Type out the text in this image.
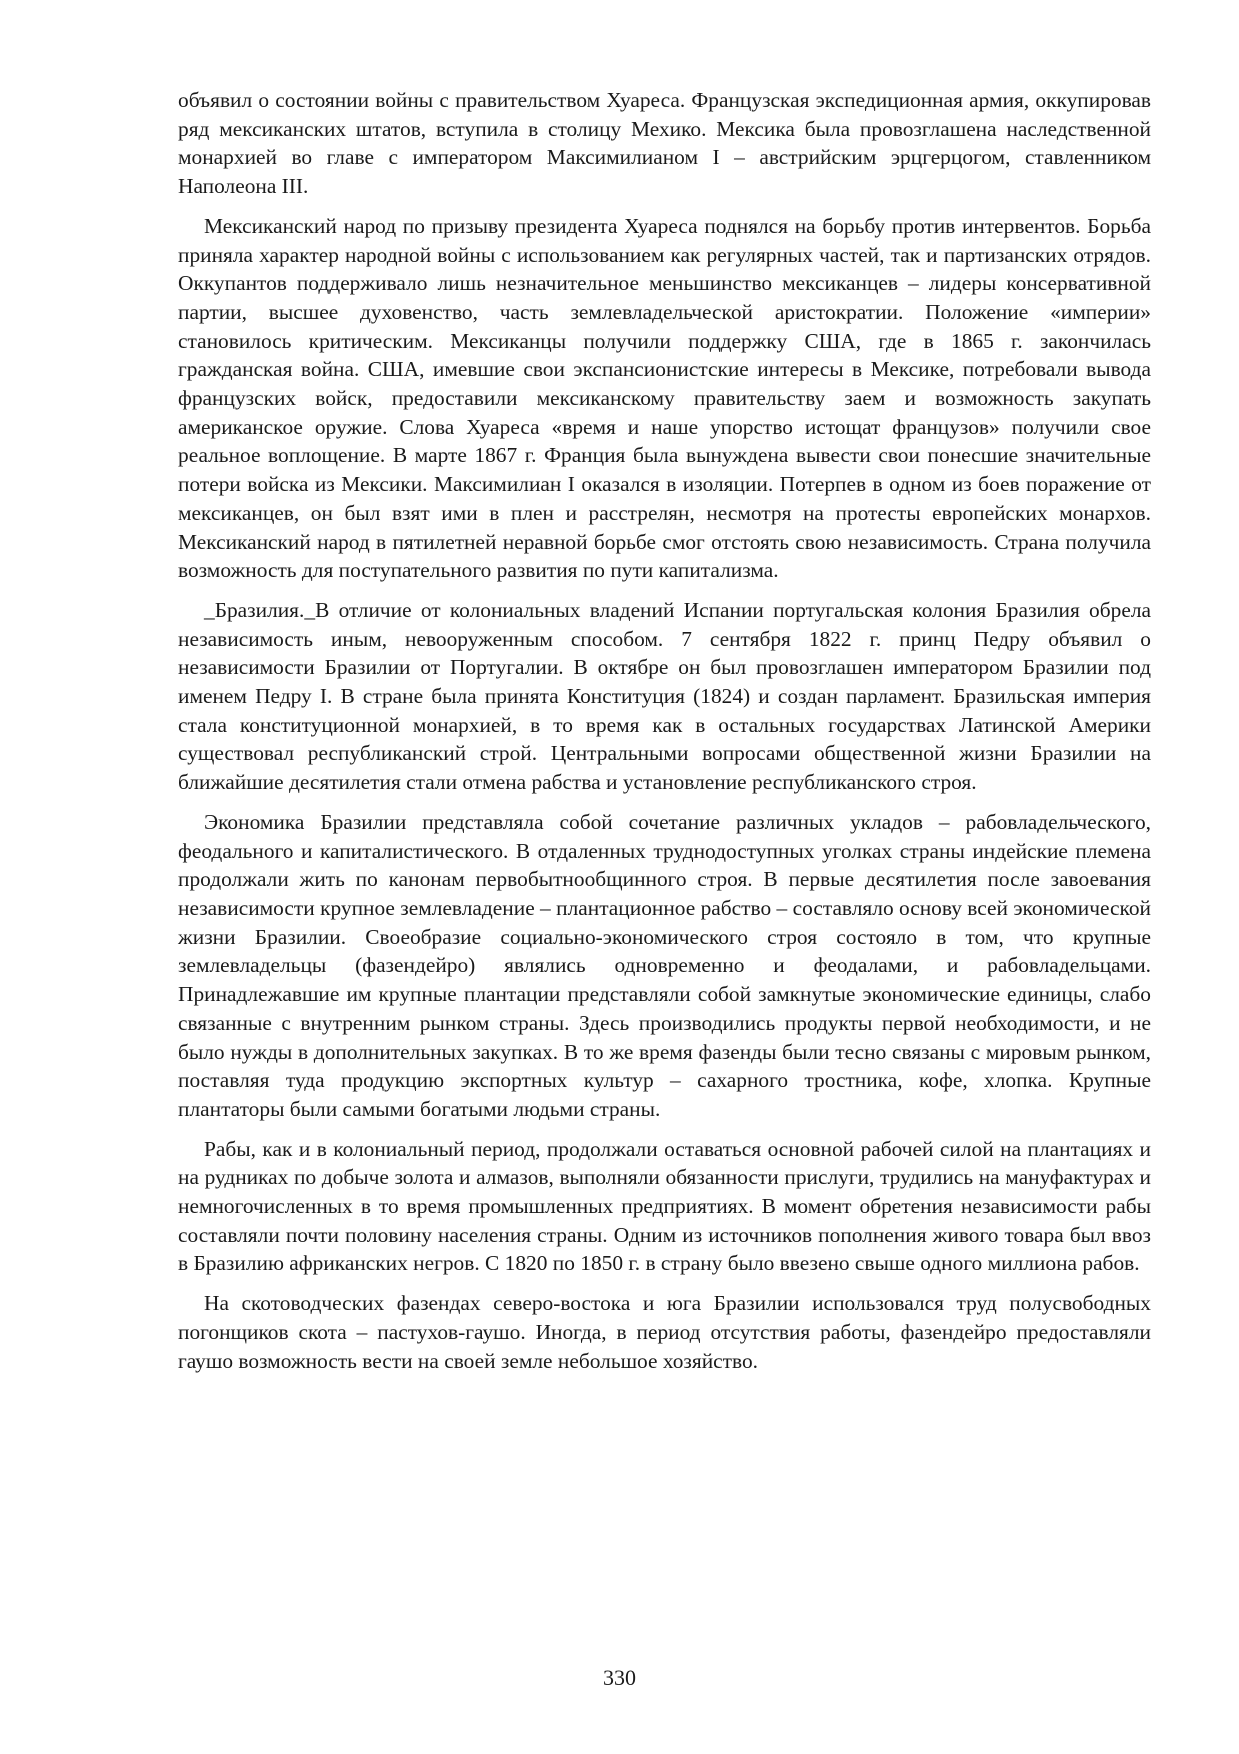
объявил о состоянии войны с правительством Хуареса. Французская экспедиционная армия, оккупировав ряд мексиканских штатов, вступила в столицу Мехико. Мексика была провозглашена наследственной монархией во главе с императором Максимилианом I – австрийским эрцгерцогом, ставленником Наполеона III.

Мексиканский народ по призыву президента Хуареса поднялся на борьбу против интервентов. Борьба приняла характер народной войны с использованием как регулярных частей, так и партизанских отрядов. Оккупантов поддерживало лишь незначительное меньшинство мексиканцев – лидеры консервативной партии, высшее духовенство, часть землевладельческой аристократии. Положение «империи» становилось критическим. Мексиканцы получили поддержку США, где в 1865 г. закончилась гражданская война. США, имевшие свои экспансионистские интересы в Мексике, потребовали вывода французских войск, предоставили мексиканскому правительству заем и возможность закупать американское оружие. Слова Хуареса «время и наше упорство истощат французов» получили свое реальное воплощение. В марте 1867 г. Франция была вынуждена вывести свои понесшие значительные потери войска из Мексики. Максимилиан I оказался в изоляции. Потерпев в одном из боев поражение от мексиканцев, он был взят ими в плен и расстрелян, несмотря на протесты европейских монархов. Мексиканский народ в пятилетней неравной борьбе смог отстоять свою независимость. Страна получила возможность для поступательного развития по пути капитализма.

_Бразилия._В отличие от колониальных владений Испании португальская колония Бразилия обрела независимость иным, невооруженным способом. 7 сентября 1822 г. принц Педру объявил о независимости Бразилии от Португалии. В октябре он был провозглашен императором Бразилии под именем Педру I. В стране была принята Конституция (1824) и создан парламент. Бразильская империя стала конституционной монархией, в то время как в остальных государствах Латинской Америки существовал республиканский строй. Центральными вопросами общественной жизни Бразилии на ближайшие десятилетия стали отмена рабства и установление республиканского строя.

Экономика Бразилии представляла собой сочетание различных укладов – рабовладельческого, феодального и капиталистического. В отдаленных труднодоступных уголках страны индейские племена продолжали жить по канонам первобытнообщинного строя. В первые десятилетия после завоевания независимости крупное землевладение – плантационное рабство – составляло основу всей экономической жизни Бразилии. Своеобразие социально-экономического строя состояло в том, что крупные землевладельцы (фазендейро) являлись одновременно и феодалами, и рабовладельцами. Принадлежавшие им крупные плантации представляли собой замкнутые экономические единицы, слабо связанные с внутренним рынком страны. Здесь производились продукты первой необходимости, и не было нужды в дополнительных закупках. В то же время фазенды были тесно связаны с мировым рынком, поставляя туда продукцию экспортных культур – сахарного тростника, кофе, хлопка. Крупные плантаторы были самыми богатыми людьми страны.

Рабы, как и в колониальный период, продолжали оставаться основной рабочей силой на плантациях и на рудниках по добыче золота и алмазов, выполняли обязанности прислуги, трудились на мануфактурах и немногочисленных в то время промышленных предприятиях. В момент обретения независимости рабы составляли почти половину населения страны. Одним из источников пополнения живого товара был ввоз в Бразилию африканских негров. С 1820 по 1850 г. в страну было ввезено свыше одного миллиона рабов.

На скотоводческих фазендах северо-востока и юга Бразилии использовался труд полусвободных погонщиков скота – пастухов-гаушо. Иногда, в период отсутствия работы, фазендейро предоставляли гаушо возможность вести на своей земле небольшое хозяйство.

330
